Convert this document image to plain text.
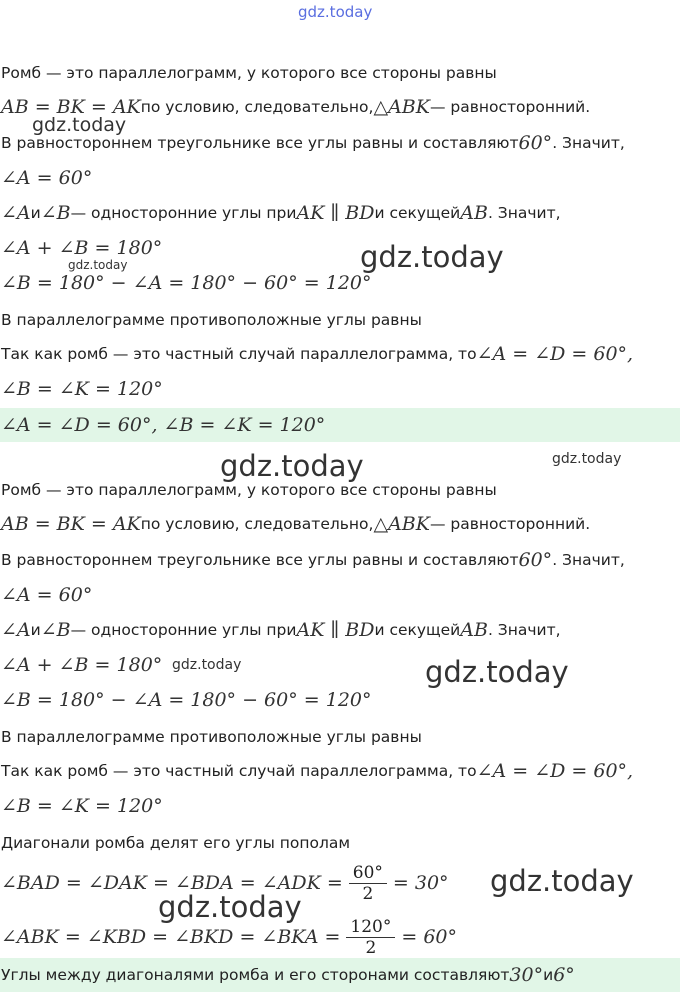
gdz.today
Ромб — это параллелограмм, у которого все стороны равны
AB = BK = AK по условию, следовательно, △ABK — равносторонний.
В равностороннем треугольнике все углы равны и составляют 60° . Значит,
∠A = 60°
∠A и ∠B — односторонние углы при AK ∥ BD и секущей AB . Значит,
∠A + ∠B = 180°
∠B = 180° − ∠A = 180° − 60° = 120°
В параллелограмме противоположные углы равны
Так как ромб — это частный случай параллелограмма, то ∠A = ∠D = 60°,
∠B = ∠K = 120°
∠A = ∠D = 60°, ∠B = ∠K = 120°
Ромб — это параллелограмм, у которого все стороны равны
AB = BK = AK по условию, следовательно, △ABK — равносторонний.
В равностороннем треугольнике все углы равны и составляют 60° . Значит,
∠A = 60°
∠A и ∠B — односторонние углы при AK ∥ BD и секущей AB . Значит,
∠A + ∠B = 180°
∠B = 180° − ∠A = 180° − 60° = 120°
В параллелограмме противоположные углы равны
Так как ромб — это частный случай параллелограмма, то ∠A = ∠D = 60°,
∠B = ∠K = 120°
Диагонали ромба делят его углы пополам
∠BAD = ∠DAK = ∠BDA = ∠ADK = $\frac{60^\circ}{2} = 30^\circ$
∠ABK = ∠KBD = ∠BKD = ∠BKA = $\frac{120^\circ}{2} = 60^\circ$
Углы между диагоналями ромба и его сторонами составляют 30° и 6°
gdz.today
gdz.today
gdz.today
gdz.today	gdz.today
gdz.today	gdz.today
gdz.today
gdz.today
